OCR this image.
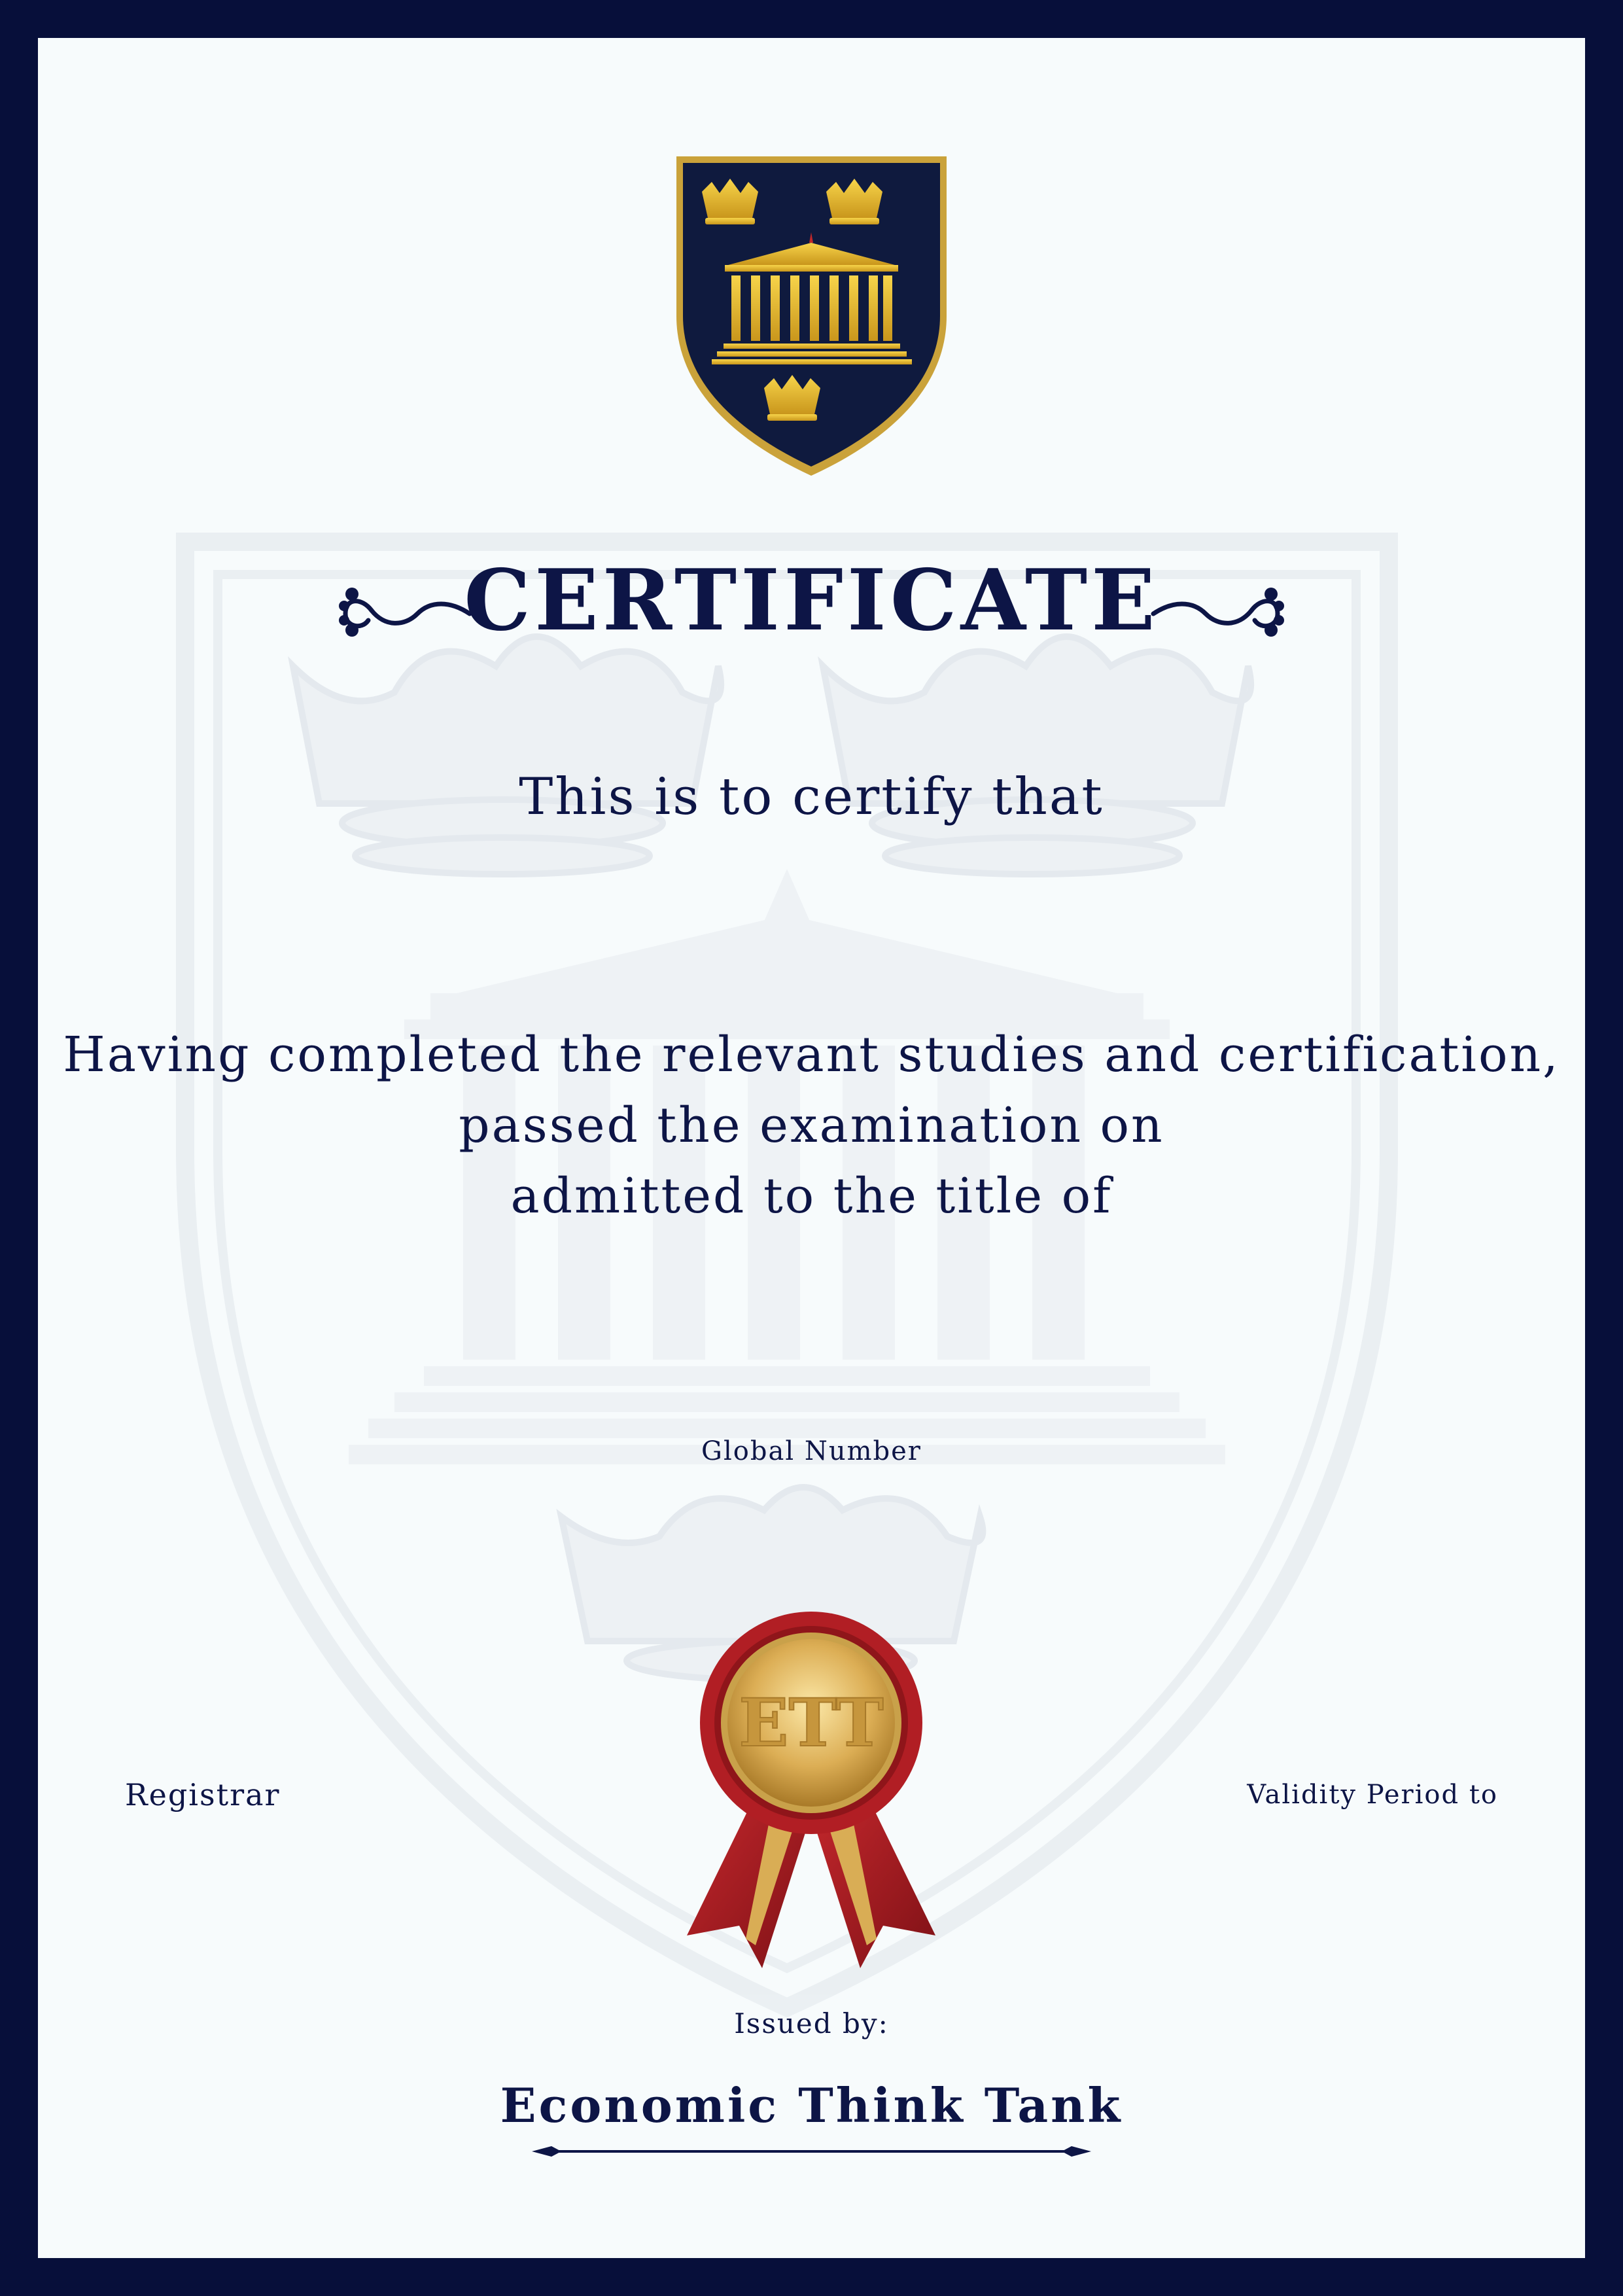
CERTIFICATE
This is to certify that
Having completed the relevant studies and certification,
passed the examination on
admitted to the title of
Global Number
Registrar	Validity Period to
ETT
Issued by:
Economic Think Tank
